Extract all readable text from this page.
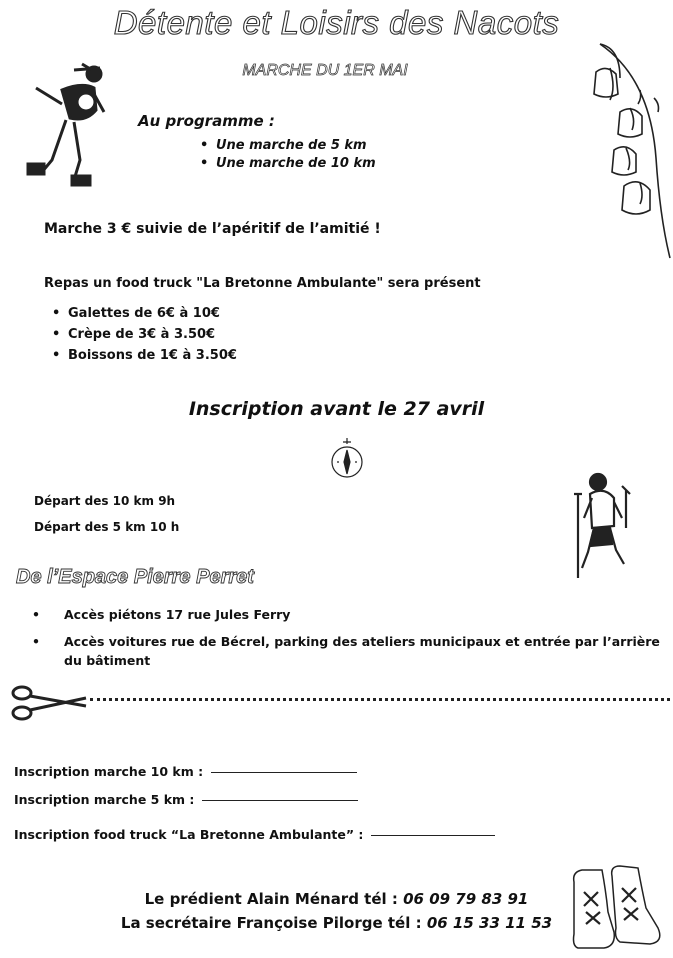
Détente et Loisirs des Nacots
MARCHE DU 1ER MAI
Au programme :
• Une marche de 5 km
• Une marche de 10 km
Marche 3 € suivie de l’apéritif de l’amitié !
Repas un food truck "La Bretonne Ambulante" sera présent
• Galettes de 6€ à 10€
• Crèpe de 3€ à 3.50€
• Boissons de 1€ à 3.50€
Inscription avant le 27 avril
Départ des 10 km 9h
Départ des 5 km 10 h
De l’Espace Pierre Perret
• Accès piétons 17 rue Jules Ferry
• Accès voitures rue de Bécrel, parking des ateliers municipaux et entrée par l’arrière du bâtiment
Inscription marche 10 km :
Inscription marche 5 km :
Inscription food truck “La Bretonne Ambulante” :
Le prédient Alain Ménard tél : 06 09 79 83 91
La secrétaire Françoise Pilorge tél : 06 15 33 11 53
